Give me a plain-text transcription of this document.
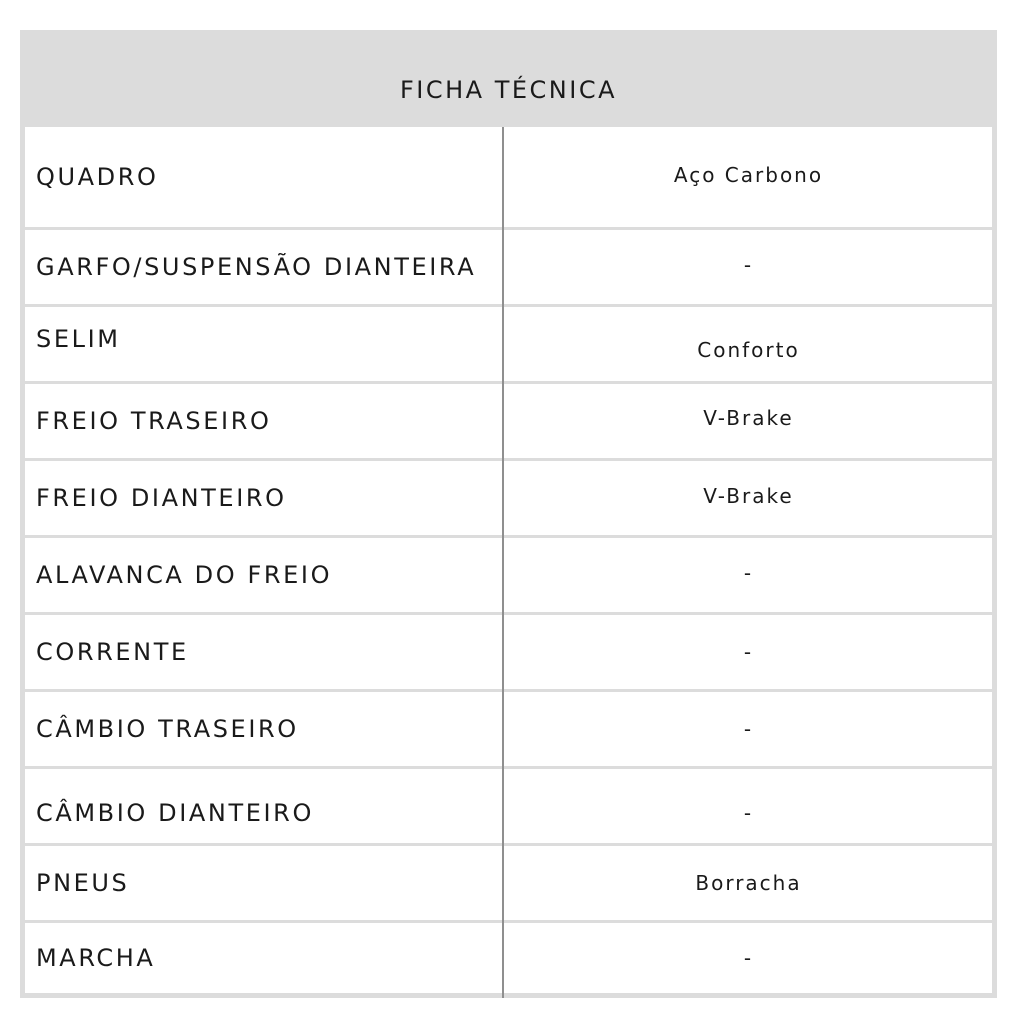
FICHA TÉCNICA
QUADRO	Aço Carbono
GARFO/SUSPENSÃO DIANTEIRA	-
SELIM	Conforto
FREIO TRASEIRO	V-Brake
FREIO DIANTEIRO	V-Brake
ALAVANCA DO FREIO	-
CORRENTE	-
CÂMBIO TRASEIRO	-
CÂMBIO DIANTEIRO	-
PNEUS	Borracha
MARCHA	-
